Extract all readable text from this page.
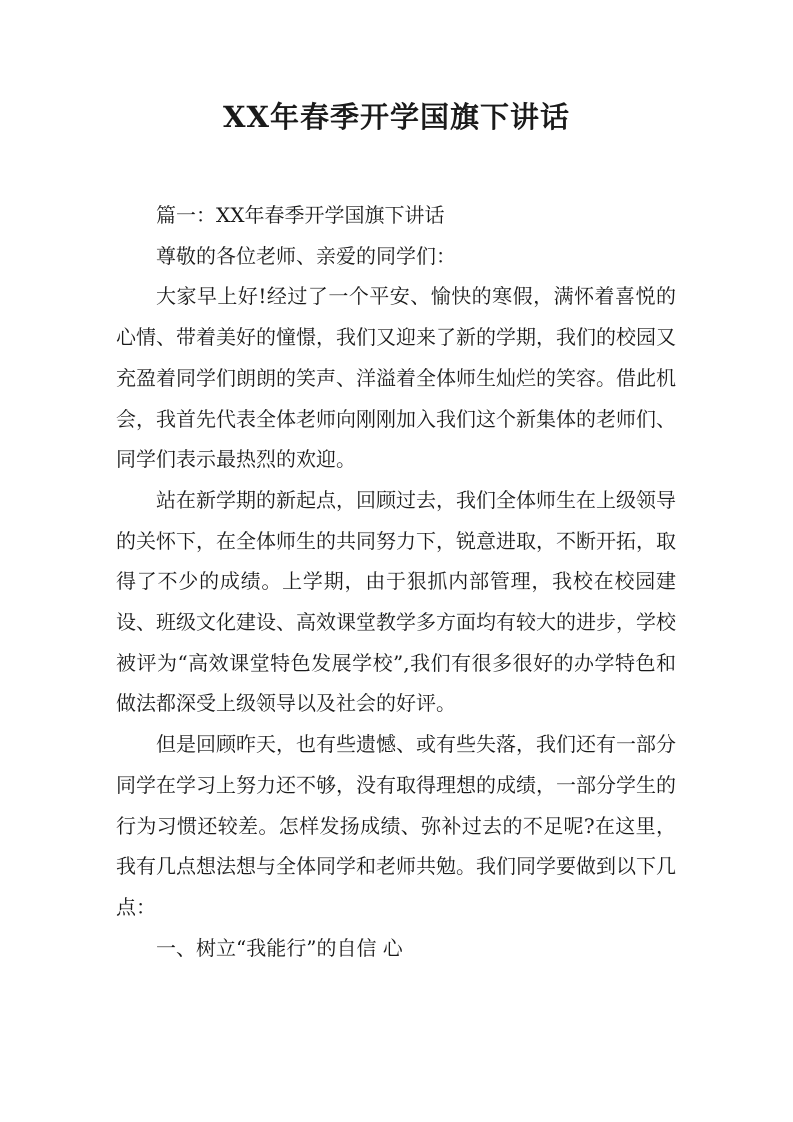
XX年春季开学国旗下讲话

篇一：XX年春季开学国旗下讲话

尊敬的各位老师、亲爱的同学们：

大家早上好!经过了一个平安、愉快的寒假，满怀着喜悦的心情、带着美好的憧憬，我们又迎来了新的学期，我们的校园又充盈着同学们朗朗的笑声、洋溢着全体师生灿烂的笑容。借此机会，我首先代表全体老师向刚刚加入我们这个新集体的老师们、同学们表示最热烈的欢迎。

站在新学期的新起点，回顾过去，我们全体师生在上级领导的关怀下，在全体师生的共同努力下，锐意进取，不断开拓，取得了不少的成绩。上学期，由于狠抓内部管理，我校在校园建设、班级文化建设、高效课堂教学多方面均有较大的进步，学校被评为“高效课堂特色发展学校”,我们有很多很好的办学特色和做法都深受上级领导以及社会的好评。

但是回顾昨天，也有些遗憾、或有些失落，我们还有一部分同学在学习上努力还不够，没有取得理想的成绩，一部分学生的行为习惯还较差。怎样发扬成绩、弥补过去的不足呢?在这里，我有几点想法想与全体同学和老师共勉。我们同学要做到以下几点：

一、树立“我能行”的自信 心
